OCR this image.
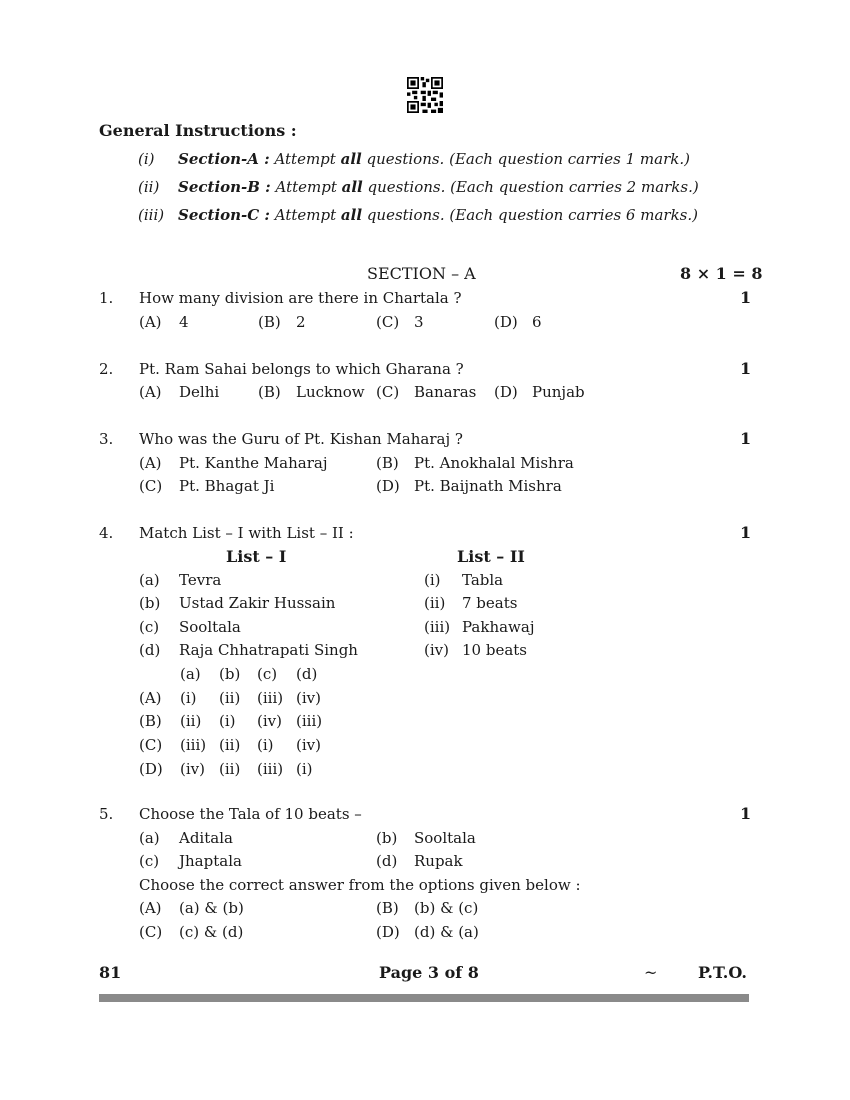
General Instructions :
(i) Section-A : Attempt all questions. (Each question carries 1 mark.)
(ii) Section-B : Attempt all questions. (Each question carries 2 marks.)
(iii) Section-C : Attempt all questions. (Each question carries 6 marks.)
SECTION – A	8 × 1 = 8
1. How many division are there in Chartala ?	1
(A) 4	(B) 2	(C) 3	(D) 6
2. Pt. Ram Sahai belongs to which Gharana ?	1
(A) Delhi	(B) Lucknow (C) Banaras (D) Punjab
3. Who was the Guru of Pt. Kishan Maharaj ?	1
(A) Pt. Kanthe Maharaj	(B) Pt. Anokhalal Mishra
(C) Pt. Bhagat Ji	(D) Pt. Baijnath Mishra
4. Match List – I with List – II :	1
List – I	List – II
(a) Tevra	(i) Tabla
(b) Ustad Zakir Hussain	(ii) 7 beats
(c) Sooltala	(iii) Pakhawaj
(d) Raja Chhatrapati Singh	(iv) 10 beats
(a) (b) (c) (d)
(A) (i) (ii) (iii) (iv)
(B) (ii) (i) (iv) (iii)
(C) (iii) (ii) (i) (iv)
(D) (iv) (ii) (iii) (i)
5. Choose the Tala of 10 beats –	1
(a) Aditala	(b) Sooltala
(c) Jhaptala	(d) Rupak
Choose the correct answer from the options given below :
(A) (a) & (b)	(B) (b) & (c)
(C) (c) & (d)	(D) (d) & (a)
81	Page 3 of 8	~	P.T.O.
